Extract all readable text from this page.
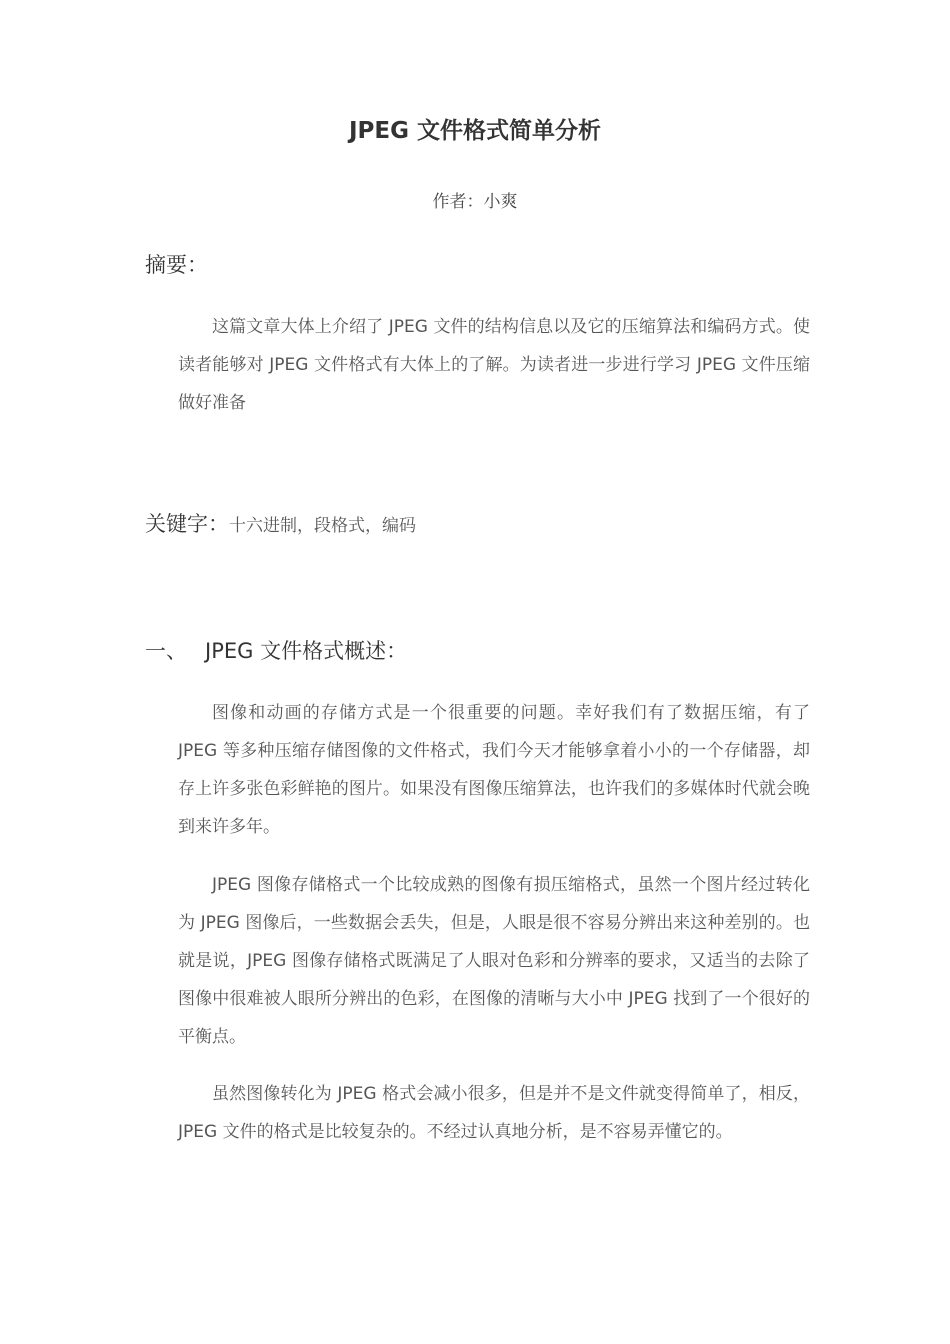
JPEG 文件格式简单分析

作者：小爽

摘要：

这篇文章大体上介绍了 JPEG 文件的结构信息以及它的压缩算法和编码方式。使读者能够对 JPEG 文件格式有大体上的了解。为读者进一步进行学习 JPEG 文件压缩做好准备

关键字：十六进制，段格式，编码

一、 JPEG 文件格式概述：

图像和动画的存储方式是一个很重要的问题。幸好我们有了数据压缩，有了 JPEG 等多种压缩存储图像的文件格式，我们今天才能够拿着小小的一个存储器，却存上许多张色彩鲜艳的图片。如果没有图像压缩算法，也许我们的多媒体时代就会晚到来许多年。

JPEG 图像存储格式一个比较成熟的图像有损压缩格式，虽然一个图片经过转化为 JPEG 图像后，一些数据会丢失，但是，人眼是很不容易分辨出来这种差别的。也就是说，JPEG 图像存储格式既满足了人眼对色彩和分辨率的要求，又适当的去除了图像中很难被人眼所分辨出的色彩，在图像的清晰与大小中 JPEG 找到了一个很好的平衡点。

虽然图像转化为 JPEG 格式会减小很多，但是并不是文件就变得简单了，相反，JPEG 文件的格式是比较复杂的。不经过认真地分析，是不容易弄懂它的。
